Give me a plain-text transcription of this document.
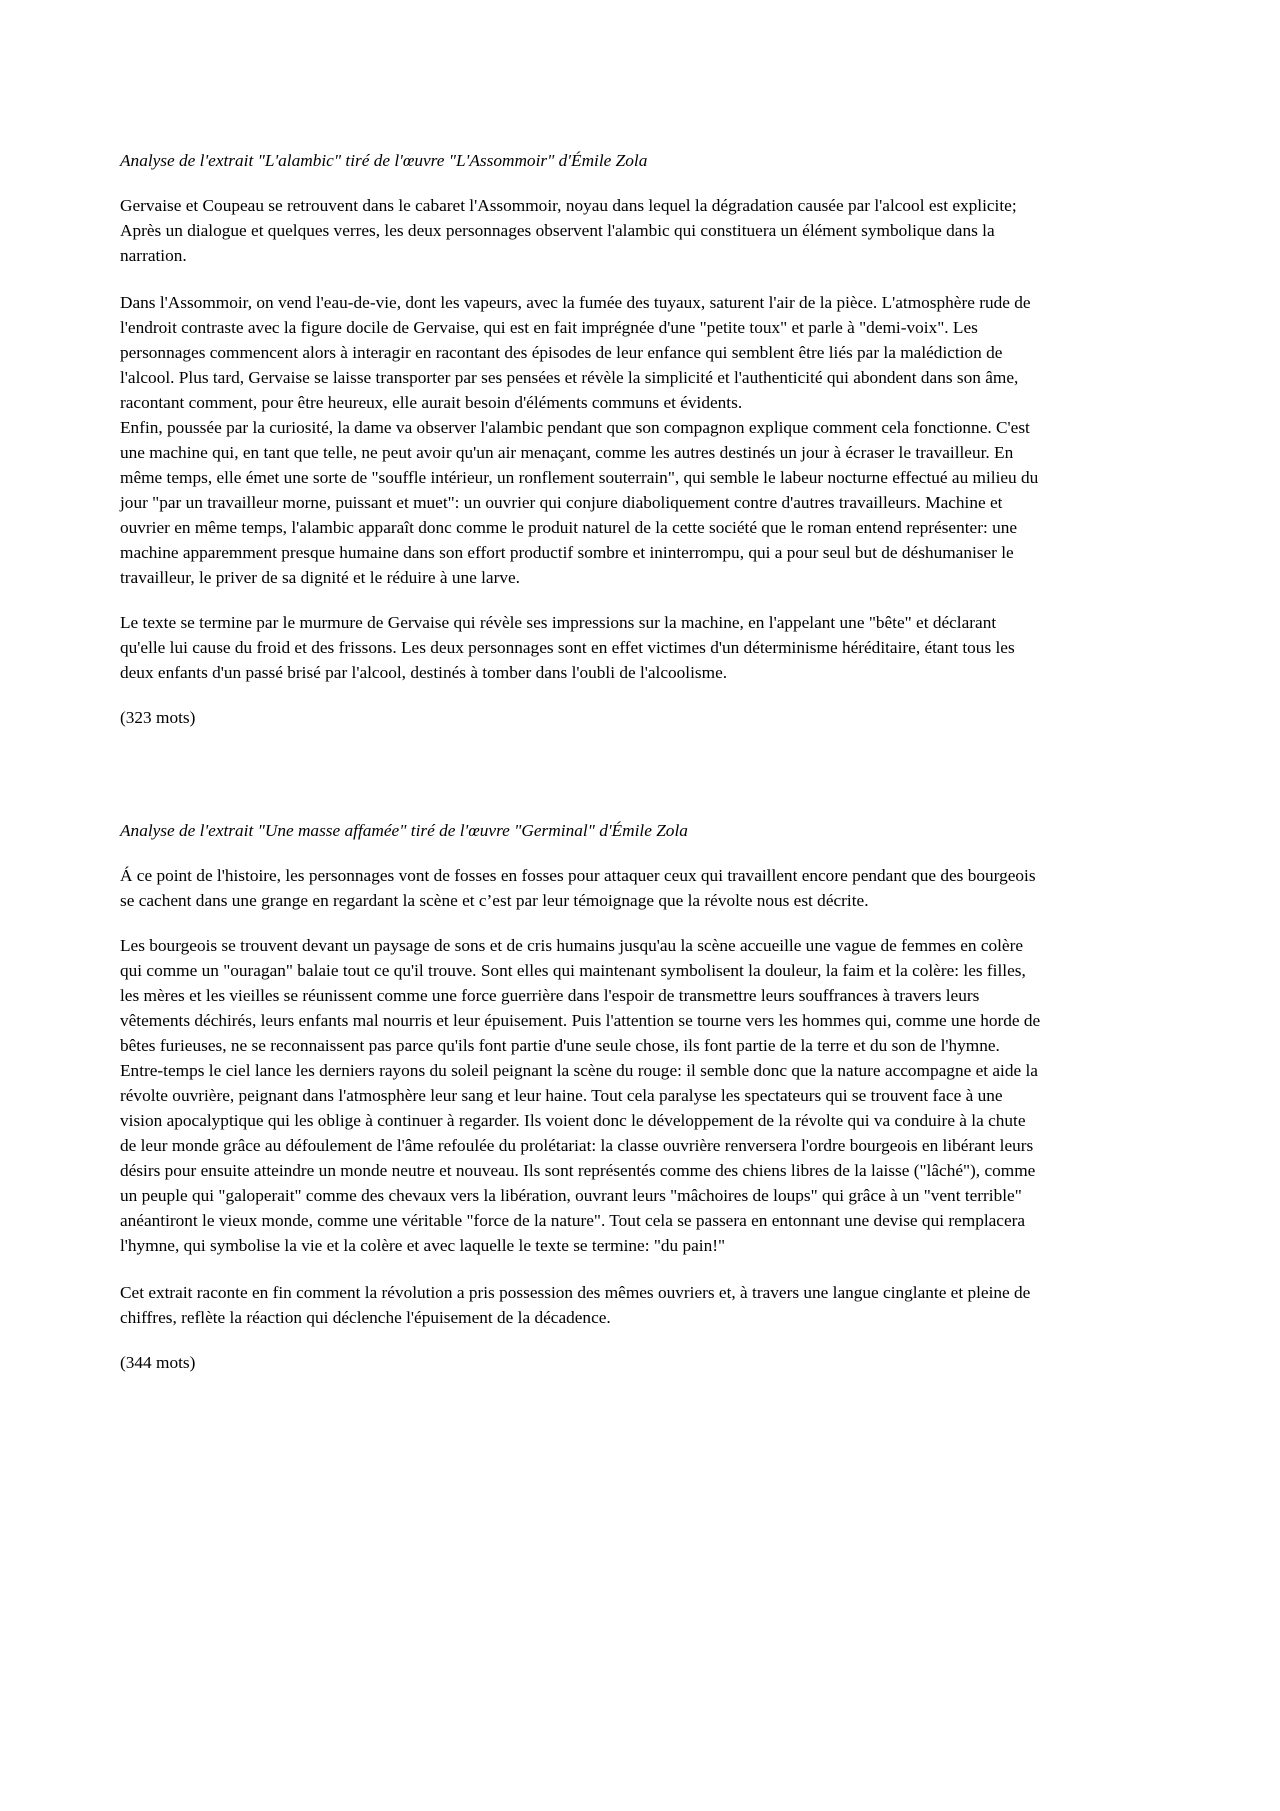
Analyse de l'extrait "L'alambic" tiré de l'œuvre "L'Assommoir" d'Émile Zola

Gervaise et Coupeau se retrouvent dans le cabaret l'Assommoir, noyau dans lequel la dégradation causée par l'alcool est explicite;
Après un dialogue et quelques verres, les deux personnages observent l'alambic qui constituera un élément symbolique dans la
narration.

Dans l'Assommoir, on vend l'eau-de-vie, dont les vapeurs, avec la fumée des tuyaux, saturent l'air de la pièce. L'atmosphère rude de
l'endroit contraste avec la figure docile de Gervaise, qui est en fait imprégnée d'une "petite toux" et parle à "demi-voix". Les
personnages commencent alors à interagir en racontant des épisodes de leur enfance qui semblent être liés par la malédiction de
l'alcool. Plus tard, Gervaise se laisse transporter par ses pensées et révèle la simplicité et l'authenticité qui abondent dans son âme,
racontant comment, pour être heureux, elle aurait besoin d'éléments communs et évidents.
Enfin, poussée par la curiosité, la dame va observer l'alambic pendant que son compagnon explique comment cela fonctionne. C'est
une machine qui, en tant que telle, ne peut avoir qu'un air menaçant, comme les autres destinés un jour à écraser le travailleur. En
même temps, elle émet une sorte de "souffle intérieur, un ronflement souterrain", qui semble le labeur nocturne effectué au milieu du
jour "par un travailleur morne, puissant et muet": un ouvrier qui conjure diaboliquement contre d'autres travailleurs. Machine et
ouvrier en même temps, l'alambic apparaît donc comme le produit naturel de la cette société que le roman entend représenter: une
machine apparemment presque humaine dans son effort productif sombre et ininterrompu, qui a pour seul but de déshumaniser le
travailleur, le priver de sa dignité et le réduire à une larve.

Le texte se termine par le murmure de Gervaise qui révèle ses impressions sur la machine, en l'appelant une "bête" et déclarant
qu'elle lui cause du froid et des frissons. Les deux personnages sont en effet victimes d'un déterminisme héréditaire, étant tous les
deux enfants d'un passé brisé par l'alcool, destinés à tomber dans l'oubli de l'alcoolisme.

(323 mots)

Analyse de l'extrait "Une masse affamée" tiré de l'œuvre "Germinal" d'Émile Zola

Á ce point de l'histoire, les personnages vont de fosses en fosses pour attaquer ceux qui travaillent encore pendant que des bourgeois
se cachent dans une grange en regardant la scène et c’est par leur témoignage que la révolte nous est décrite.

Les bourgeois se trouvent devant un paysage de sons et de cris humains jusqu'au la scène accueille une vague de femmes en colère
qui comme un "ouragan" balaie tout ce qu'il trouve. Sont elles qui maintenant symbolisent la douleur, la faim et la colère: les filles,
les mères et les vieilles se réunissent comme une force guerrière dans l'espoir de transmettre leurs souffrances à travers leurs
vêtements déchirés, leurs enfants mal nourris et leur épuisement. Puis l'attention se tourne vers les hommes qui, comme une horde de
bêtes furieuses, ne se reconnaissent pas parce qu'ils font partie d'une seule chose, ils font partie de la terre et du son de l'hymne.
Entre-temps le ciel lance les derniers rayons du soleil peignant la scène du rouge: il semble donc que la nature accompagne et aide la
révolte ouvrière, peignant dans l'atmosphère leur sang et leur haine. Tout cela paralyse les spectateurs qui se trouvent face à une
vision apocalyptique qui les oblige à continuer à regarder. Ils voient donc le développement de la révolte qui va conduire à la chute
de leur monde grâce au défoulement de l'âme refoulée du prolétariat: la classe ouvrière renversera l'ordre bourgeois en libérant leurs
désirs pour ensuite atteindre un monde neutre et nouveau. Ils sont représentés comme des chiens libres de la laisse ("lâché"), comme
un peuple qui "galoperait" comme des chevaux vers la libération, ouvrant leurs "mâchoires de loups" qui grâce à un "vent terrible"
anéantiront le vieux monde, comme une véritable "force de la nature". Tout cela se passera en entonnant une devise qui remplacera
l'hymne, qui symbolise la vie et la colère et avec laquelle le texte se termine: "du pain!"

Cet extrait raconte en fin comment la révolution a pris possession des mêmes ouvriers et, à travers une langue cinglante et pleine de
chiffres, reflète la réaction qui déclenche l'épuisement de la décadence.

(344 mots)
